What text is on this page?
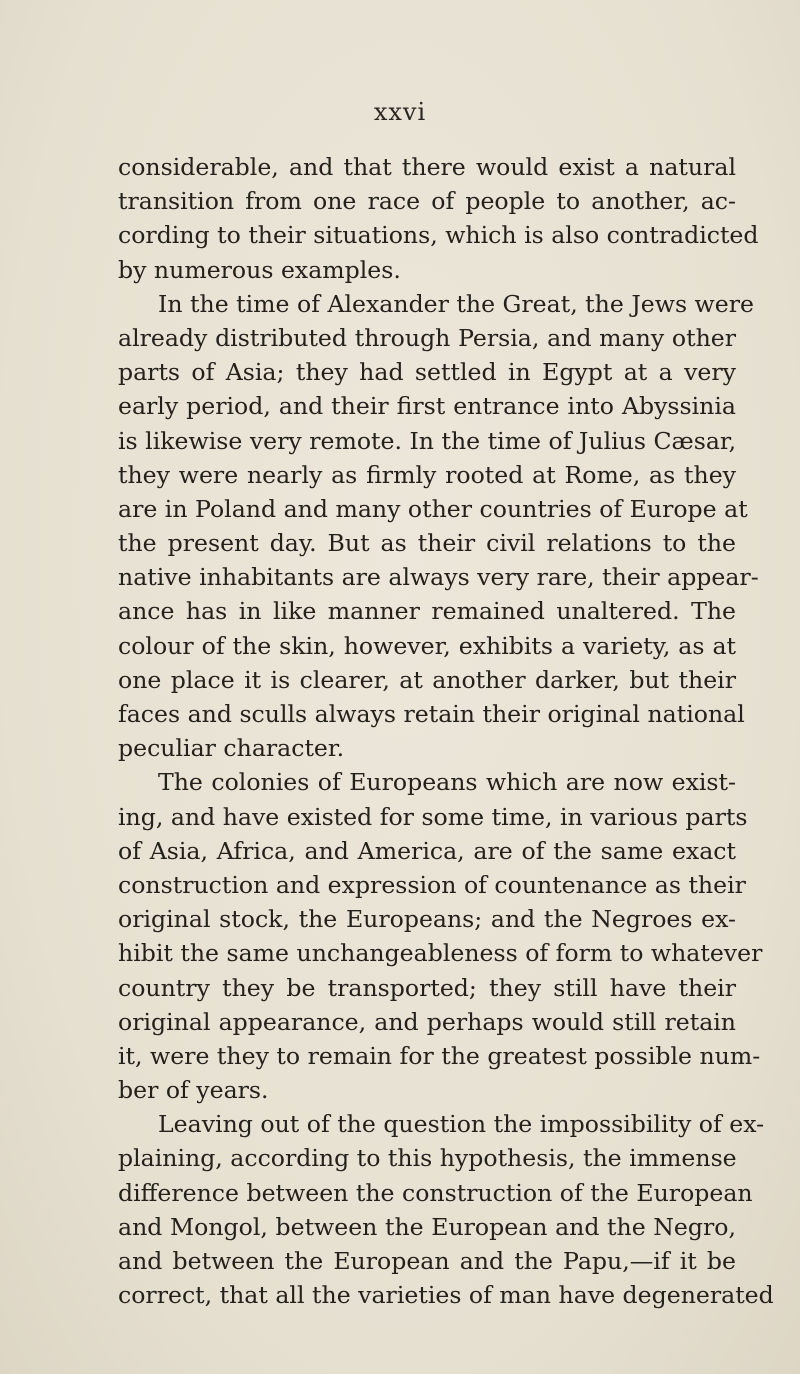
xxvi
considerable, and that there would exist a natural
transition from one race of people to another, ac-
cording to their situations, which is also contradicted
by numerous examples.
In the time of Alexander the Great, the Jews were
already distributed through Persia, and many other
parts of Asia; they had settled in Egypt at a very
early period, and their first entrance into Abyssinia
is likewise very remote. In the time of Julius Cæsar,
they were nearly as firmly rooted at Rome, as they
are in Poland and many other countries of Europe at
the present day. But as their civil relations to the
native inhabitants are always very rare, their appear-
ance has in like manner remained unaltered. The
colour of the skin, however, exhibits a variety, as at
one place it is clearer, at another darker, but their
faces and sculls always retain their original national
peculiar character.
The colonies of Europeans which are now exist-
ing, and have existed for some time, in various parts
of Asia, Africa, and America, are of the same exact
construction and expression of countenance as their
original stock, the Europeans; and the Negroes ex-
hibit the same unchangeableness of form to whatever
country they be transported; they still have their
original appearance, and perhaps would still retain
it, were they to remain for the greatest possible num-
ber of years.
Leaving out of the question the impossibility of ex-
plaining, according to this hypothesis, the immense
difference between the construction of the European
and Mongol, between the European and the Negro,
and between the European and the Papu,—if it be
correct, that all the varieties of man have degenerated
